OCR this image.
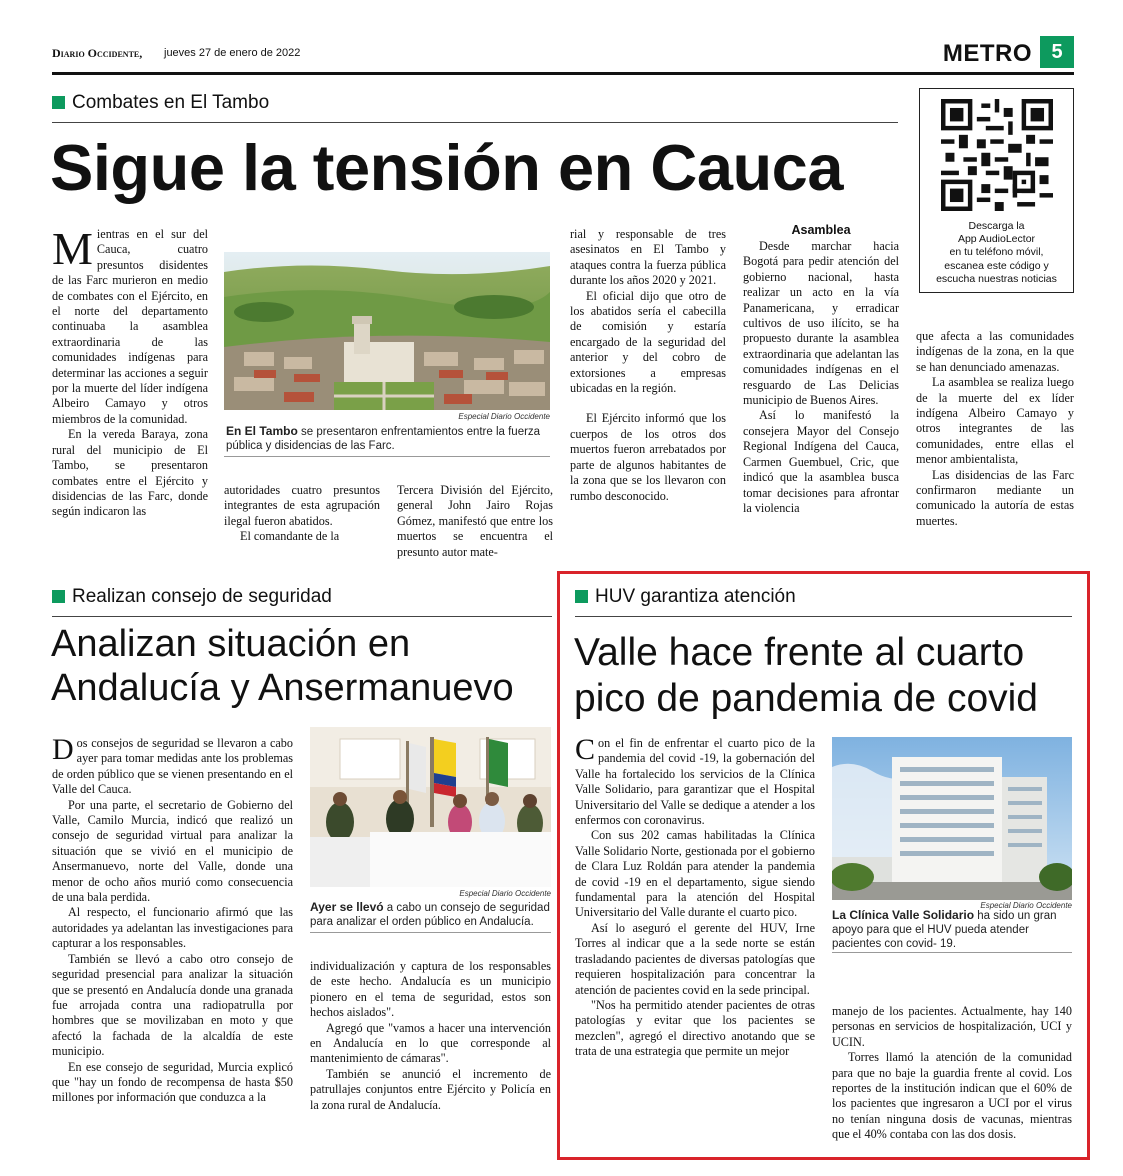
Diario Occidente, jueves 27 de enero de 2022	METRO 5
Descarga la
App AudioLector
en tu teléfono móvil,
escanea este código y
escucha nuestras noticias
Combates en El Tambo
Sigue la tensión en Cauca

Mientras en el sur del Cauca, cuatro presuntos disidentes de las Farc murieron en medio de combates con el Ejército, en el norte del departamento continuaba la asamblea extraordinaria de las comunidades indígenas para determinar las acciones a seguir por la muerte del líder indígena Albeiro Camayo y otros miembros de la comunidad.

En la vereda Baraya, zona rural del municipio de El Tambo, se presentaron combates entre el Ejército y disidencias de las Farc, donde según indicaron las

Especial Diario Occidente
En El Tambo se presentaron enfrentamientos entre la fuerza pública y disidencias de las Farc.

autoridades cuatro presuntos integrantes de esta agrupación ilegal fueron abatidos.

El comandante de la

Tercera División del Ejército, general John Jairo Rojas Gómez, manifestó que entre los muertos se encuentra el presunto autor mate-

rial y responsable de tres asesinatos en El Tambo y ataques contra la fuerza pública durante los años 2020 y 2021.

El oficial dijo que otro de los abatidos sería el cabecilla de comisión y estaría encargado de la seguridad del anterior y del cobro de extorsiones a empresas ubicadas en la región.

El Ejército informó que los cuerpos de los otros dos muertos fueron arrebatados por parte de algunos habitantes de la zona que se los llevaron con rumbo desconocido.

Asamblea

Desde marchar hacia Bogotá para pedir atención del gobierno nacional, hasta realizar un acto en la vía Panamericana, y erradicar cultivos de uso ilícito, se ha propuesto durante la asamblea extraordinaria que adelantan las comunidades indígenas en el resguardo de Las Delicias municipio de Buenos Aires.

Así lo manifestó la consejera Mayor del Consejo Regional Indígena del Cauca, Carmen Guembuel, Cric, que indicó que la asamblea busca tomar decisiones para afrontar la violencia

que afecta a las comunidades indígenas de la zona, en la que se han denunciado amenazas.

La asamblea se realiza luego de la muerte del ex líder indígena Albeiro Camayo y otros integrantes de las comunidades, entre ellas el menor ambientalista,

Las disidencias de las Farc confirmaron mediante un comunicado la autoría de estas muertes.

Realizan consejo de seguridad
Analizan situación en
Andalucía y Ansermanuevo

Dos consejos de seguridad se llevaron a cabo ayer para tomar medidas ante los problemas de orden público que se vienen presentando en el Valle del Cauca.

Por una parte, el secretario de Gobierno del Valle, Camilo Murcia, indicó que realizó un consejo de seguridad virtual para analizar la situación que se vivió en el municipio de Ansermanuevo, norte del Valle, donde una menor de ocho años murió como consecuencia de una bala perdida.

Al respecto, el funcionario afirmó que las autoridades ya adelantan las investigaciones para capturar a los responsables.

También se llevó a cabo otro consejo de seguridad presencial para analizar la situación que se presentó en Andalucía donde una granada fue arrojada contra una radiopatrulla por hombres que se movilizaban en moto y que afectó la fachada de la alcaldía de este municipio.

En ese consejo de seguridad, Murcia explicó que "hay un fondo de recompensa de hasta $50 millones por información que conduzca a la

Especial Diario Occidente
Ayer se llevó a cabo un consejo de seguridad para analizar el orden público en Andalucía.

individualización y captura de los responsables de este hecho. Andalucía es un municipio pionero en el tema de seguridad, estos son hechos aislados".

Agregó que "vamos a hacer una intervención en Andalucía en lo que corresponde al mantenimiento de cámaras".

También se anunció el incremento de patrullajes conjuntos entre Ejército y Policía en la zona rural de Andalucía.

HUV garantiza atención
Valle hace frente al cuarto
pico de pandemia de covid

Con el fin de enfrentar el cuarto pico de la pandemia del covid -19, la gobernación del Valle ha fortalecido los servicios de la Clínica Valle Solidario, para garantizar que el Hospital Universitario del Valle se dedique a atender a los enfermos con coronavirus.

Con sus 202 camas habilitadas la Clínica Valle Solidario Norte, gestionada por el gobierno de Clara Luz Roldán para atender la pandemia de covid -19 en el departamento, sigue siendo fundamental para la atención del Hospital Universitario del Valle durante el cuarto pico.

Así lo aseguró el gerente del HUV, Irne Torres al indicar que a la sede norte se están trasladando pacientes de diversas patologías que requieren hospitalización para concentrar la atención de pacientes covid en la sede principal.

"Nos ha permitido atender pacientes de otras patologías y evitar que los pacientes se mezclen", agregó el directivo anotando que se trata de una estrategia que permite un mejor

Especial Diario Occidente
La Clínica Valle Solidario ha sido un gran apoyo para que el HUV pueda atender pacientes con covid- 19.

manejo de los pacientes. Actualmente, hay 140 personas en servicios de hospitalización, UCI y UCIN.

Torres llamó la atención de la comunidad para que no baje la guardia frente al covid. Los reportes de la institución indican que el 60% de los pacientes que ingresaron a UCI por el virus no tenían ninguna dosis de vacunas, mientras que el 40% contaba con las dos dosis.
